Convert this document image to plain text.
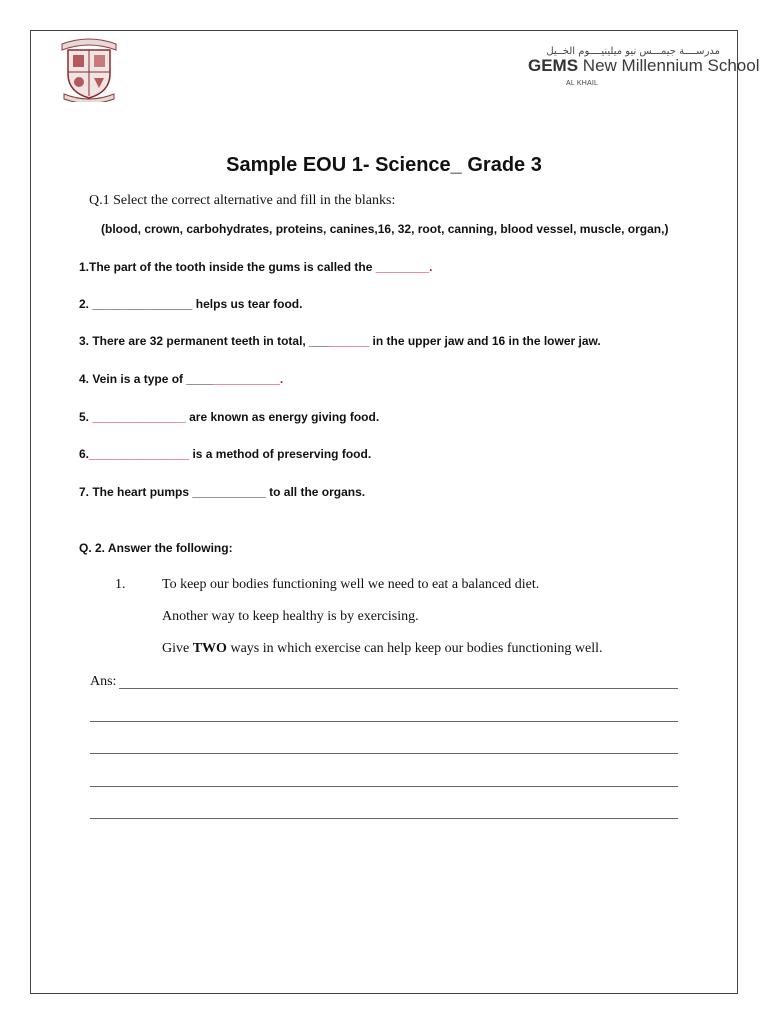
مدرســــة جيمـــس نيو ميلينيــــوم الخــيل
GEMS New Millennium School
AL KHAIL
Sample EOU 1- Science_ Grade 3
Q.1 Select the correct alternative and fill in the blanks:
(blood, crown, carbohydrates, proteins, canines,16, 32, root, canning, blood vessel, muscle, organ,)
1.The part of the tooth inside the gums is called the ________.
2. _______________ helps us tear food.
3. There are 32 permanent teeth in total, _________ in the upper jaw and 16 in the lower jaw.
4. Vein is a type of ______________.
5. ______________ are known as energy giving food.
6._______________ is a method of preserving food.
7. The heart pumps ___________ to all the organs.
Q. 2. Answer the following:
1.	To keep our bodies functioning well we need to eat a balanced diet.
Another way to keep healthy is by exercising.
Give TWO ways in which exercise can help keep our bodies functioning well.
Ans:
